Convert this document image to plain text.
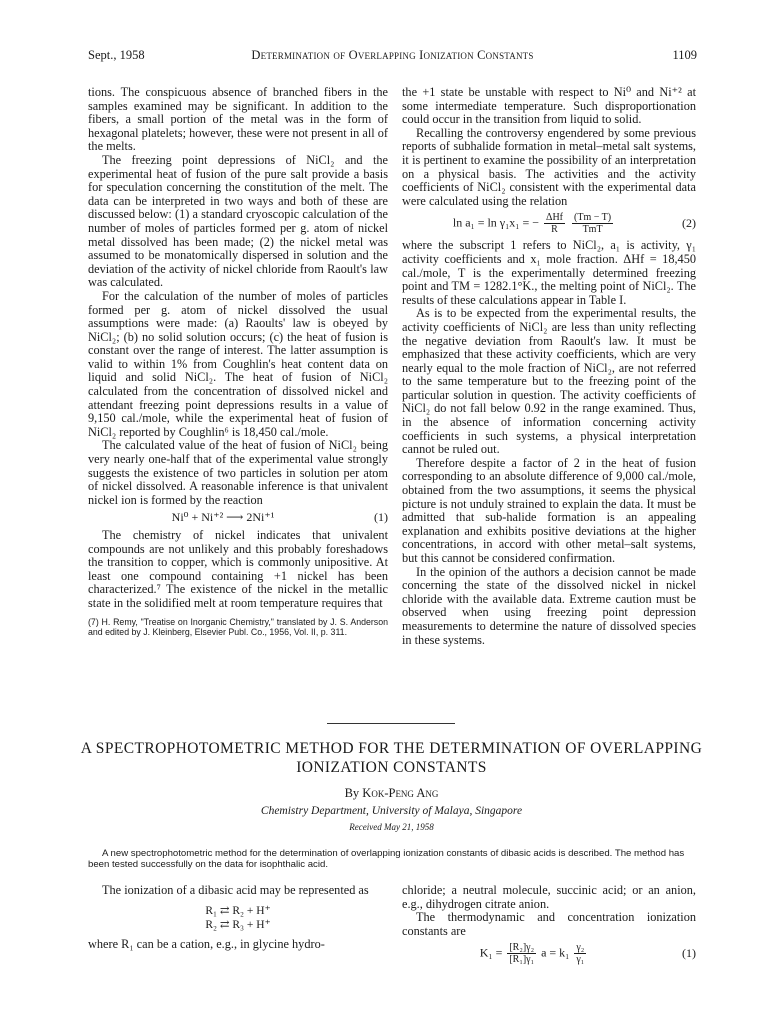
Sept., 1958	Determination of Overlapping Ionization Constants	1109

tions. The conspicuous absence of branched fibers in the samples examined may be significant. In addition to the fibers, a small portion of the metal was in the form of hexagonal platelets; however, these were not present in all of the melts.

The freezing point depressions of NiCl₂ and the experimental heat of fusion of the pure salt provide a basis for speculation concerning the constitution of the melt. The data can be interpreted in two ways and both of these are discussed below: (1) a standard cryoscopic calculation of the number of moles of particles formed per g. atom of nickel metal dissolved has been made; (2) the nickel metal was assumed to be monatomically dispersed in solution and the deviation of the activity of nickel chloride from Raoult's law was calculated.

For the calculation of the number of moles of particles formed per g. atom of nickel dissolved the usual assumptions were made: (a) Raoults' law is obeyed by NiCl₂; (b) no solid solution occurs; (c) the heat of fusion is constant over the range of interest. The latter assumption is valid to within 1% from Coughlin's heat content data on liquid and solid NiCl₂. The heat of fusion of NiCl₂ calculated from the concentration of dissolved nickel and attendant freezing point depressions results in a value of 9,150 cal./mole, while the experimental heat of fusion of NiCl₂ reported by Coughlin⁶ is 18,450 cal./mole.

The calculated value of the heat of fusion of NiCl₂ being very nearly one-half that of the experimental value strongly suggests the existence of two particles in solution per atom of nickel dissolved. A reasonable inference is that univalent nickel ion is formed by the reaction

Ni⁰ + Ni⁺² ⟶ 2Ni⁺¹	(1)

The chemistry of nickel indicates that univalent compounds are not unlikely and this probably foreshadows the transition to copper, which is commonly unipositive. At least one compound containing +1 nickel has been characterized.⁷ The existence of the nickel in the metallic state in the solidified melt at room temperature requires that

(7) H. Remy, "Treatise on Inorganic Chemistry," translated by J. S. Anderson and edited by J. Kleinberg, Elsevier Publ. Co., 1956, Vol. II, p. 311.

the +1 state be unstable with respect to Ni⁰ and Ni⁺² at some intermediate temperature. Such disproportionation could occur in the transition from liquid to solid.

Recalling the controversy engendered by some previous reports of subhalide formation in metal–metal salt systems, it is pertinent to examine the possibility of an interpretation on a physical basis. The activities and the activity coefficients of NiCl₂ consistent with the experimental data were calculated using the relation

ln a₁ = ln γ₁x₁ = − $\frac{\text{ΔHf}}{R}$
$\frac{(Tm - T)}{\text{TmT}}$	(2)

where the subscript 1 refers to NiCl₂, a₁ is activity, γ₁ activity coefficients and x₁ mole fraction. ΔHf = 18,450 cal./mole, T is the experimentally determined freezing point and TM = 1282.1°K., the melting point of NiCl₂. The results of these calculations appear in Table I.

As is to be expected from the experimental results, the activity coefficients of NiCl₂ are less than unity reflecting the negative deviation from Raoult's law. It must be emphasized that these activity coefficients, which are very nearly equal to the mole fraction of NiCl₂, are not referred to the same temperature but to the freezing point of the particular solution in question. The activity coefficients of NiCl₂ do not fall below 0.92 in the range examined. Thus, in the absence of information concerning activity coefficients in such systems, a physical interpretation cannot be ruled out.

Therefore despite a factor of 2 in the heat of fusion corresponding to an absolute difference of 9,000 cal./mole, obtained from the two assumptions, it seems the physical picture is not unduly strained to explain the data. It must be admitted that sub-halide formation is an appealing explanation and exhibits positive deviations at the higher concentrations, in accord with other metal–salt systems, but this cannot be considered confirmation.

In the opinion of the authors a decision cannot be made concerning the state of the dissolved nickel in nickel chloride with the available data. Extreme caution must be observed when using freezing point depression measurements to determine the nature of dissolved species in these systems.

A SPECTROPHOTOMETRIC METHOD FOR THE DETERMINATION OF OVERLAPPING IONIZATION CONSTANTS
By Kok-Peng Ang
Chemistry Department, University of Malaya, Singapore
Received May 21, 1958

A new spectrophotometric method for the determination of overlapping ionization constants of dibasic acids is described. The method has been tested successfully on the data for isophthalic acid.

The ionization of a dibasic acid may be represented as

R₁ ⇄ R₂ + H⁺
R₂ ⇄ R₃ + H⁺

where R₁ can be a cation, e.g., in glycine hydro-

chloride; a neutral molecule, succinic acid; or an anion, e.g., dihydrogen citrate anion.

The thermodynamic and concentration ionization constants are

$K_1 = \frac{\text{[R₂]γ₂}}{\text{[R₁]γ₁}}$ $a = k_1 \frac{\text{γ₂}}{\text{γ₁}}$	(1)
